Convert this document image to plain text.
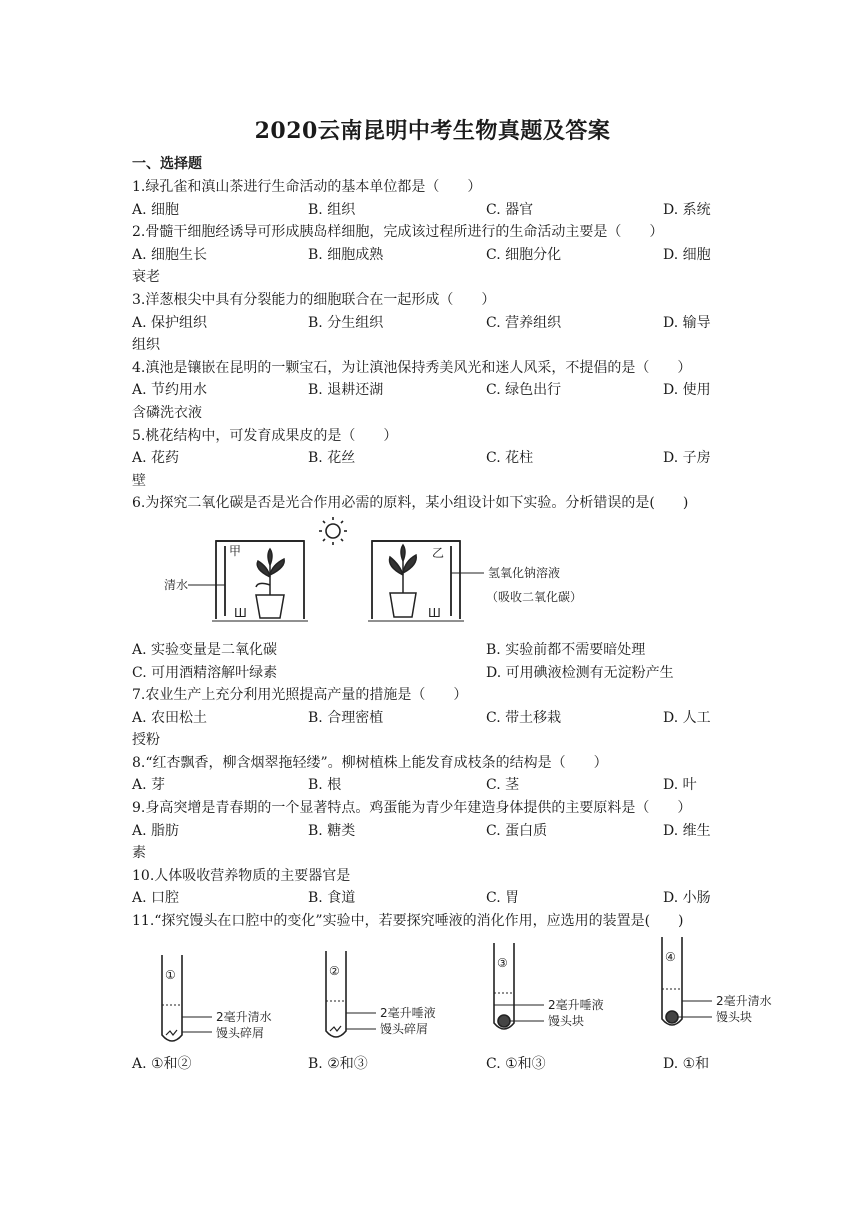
2020云南昆明中考生物真题及答案
一、选择题
1.绿孔雀和滇山茶进行生命活动的基本单位都是（　　）
A. 细胞	B. 组织	C. 器官	D. 系统
2.骨髓干细胞经诱导可形成胰岛样细胞，完成该过程所进行的生命活动主要是（　　）
A. 细胞生长	B. 细胞成熟	C. 细胞分化	D. 细胞
衰老
3.洋葱根尖中具有分裂能力的细胞联合在一起形成（　　）
A. 保护组织	B. 分生组织	C. 营养组织	D. 输导
组织
4.滇池是镶嵌在昆明的一颗宝石，为让滇池保持秀美风光和迷人风采，不提倡的是（　　）
A. 节约用水	B. 退耕还湖	C. 绿色出行	D. 使用
含磷洗衣液
5.桃花结构中，可发育成果皮的是（　　）
A. 花药	B. 花丝	C. 花柱	D. 子房
壁
6.为探究二氧化碳是否是光合作用必需的原料，某小组设计如下实验。分析错误的是(　　)
清水
甲
Ш
乙
Ш
氢氧化钠溶液
（吸收二氧化碳）
A. 实验变量是二氧化碳	B. 实验前都不需要暗处理
C. 可用酒精溶解叶绿素	D. 可用碘液检测有无淀粉产生
7.农业生产上充分利用光照提高产量的措施是（　　）
A. 农田松土	B. 合理密植	C. 带土移栽	D. 人工
授粉
8.“红杏飘香，柳含烟翠拖轻缕”。柳树植株上能发育成枝条的结构是（　　）
A. 芽	B. 根	C. 茎	D. 叶
9.身高突增是青春期的一个显著特点。鸡蛋能为青少年建造身体提供的主要原料是（　　）
A. 脂肪	B. 糖类	C. 蛋白质	D. 维生
素
10.人体吸收营养物质的主要器官是
A. 口腔	B. 食道	C. 胃	D. 小肠
11.“探究馒头在口腔中的变化”实验中，若要探究唾液的消化作用，应选用的装置是(　　)
①
2毫升清水
馒头碎屑
②
2毫升唾液
馒头碎屑
③
2毫升唾液
馒头块
④
2毫升清水
馒头块
A. ①和②	B. ②和③	C. ①和③	D. ①和
